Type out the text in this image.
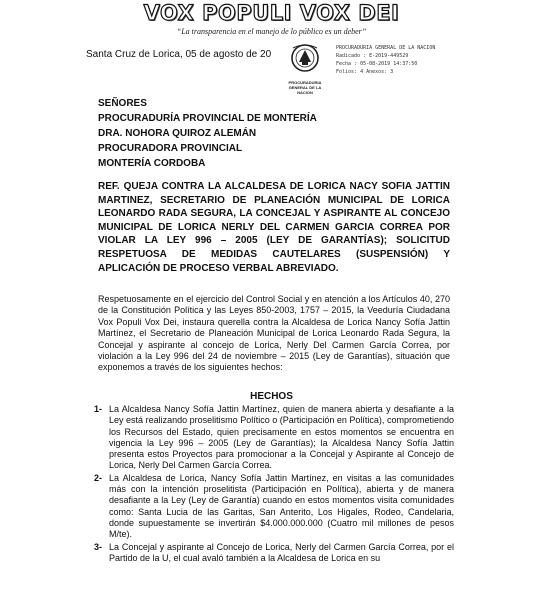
VOX POPULI VOX DEI
“La transparencia en el manejo de lo público es un deber”
Santa Cruz de Lorica, 05 de agosto de 20
PROCURADURIA GENERAL DE LA NACION
PROCURADURIA GENERAL DE LA NACION
Radicado : E-2019-449529
Fecha : 05-08-2019 14:37:50
Folios: 4 Anexos: 3
SEÑORES
PROCURADURÍA PROVINCIAL DE MONTERÍA
DRA. NOHORA QUIROZ ALEMÁN
PROCURADORA PROVINCIAL
MONTERÍA CORDOBA
REF. QUEJA CONTRA LA ALCALDESA DE LORICA NACY SOFIA JATTIN MARTINEZ, SECRETARIO DE PLANEACIÓN MUNICIPAL DE LORICA LEONARDO RADA SEGURA, LA CONCEJAL Y ASPIRANTE AL CONCEJO MUNICIPAL DE LORICA NERLY DEL CARMEN GARCIA CORREA POR VIOLAR LA LEY 996 – 2005 (LEY DE GARANTÍAS); SOLICITUD RESPETUOSA DE MEDIDAS CAUTELARES (SUSPENSIÓN) Y APLICACIÓN DE PROCESO VERBAL ABREVIADO.
Respetuosamente en el ejercicio del Control Social y en atención a los Artículos 40, 270 de la Constitución Política y las Leyes 850-2003, 1757 – 2015, la Veeduría Ciudadana Vox Populi Vox Dei, instaura querella contra la Alcaldesa de Lorica Nancy Sofía Jattin Martínez, el Secretario de Planeación Municipal de Lorica Leonardo Rada Segura, la Concejal y aspirante al concejo de Lorica, Nerly Del Carmen García Correa, por violación a la Ley 996 del 24 de noviembre – 2015 (Ley de Garantías), situación que exponemos a través de los siguientes hechos:
HECHOS
1- La Alcaldesa Nancy Sofía Jattin Martínez, quien de manera abierta y desafiante a la Ley está realizando proselitismo Político o (Participación en Política), comprometiendo los Recursos del Estado, quien precisamente en estos momentos se encuentra en vigencia la Ley 996 – 2005 (Ley de Garantías); la Alcaldesa Nancy Sofía Jattin presenta estos Proyectos para promocionar a la Concejal y Aspirante al Concejo de Lorica, Nerly Del Carmen García Correa.
2- La Alcaldesa de Lorica, Nancy Sofía Jattin Martínez, en visitas a las comunidades más con la intención proselitista (Participación en Política), abierta y de manera desafiante a la Ley (Ley de Garantía) cuando en estos momentos visita comunidades como: Santa Lucia de las Garitas, San Anterito, Los Higales, Rodeo, Candelaria, donde supuestamente se invertirán $4.000.000.000 (Cuatro mil millones de pesos M/te).
3- La Concejal y aspirante al Concejo de Lorica, Nerly del Carmen García Correa, por el Partido de la U, el cual avaló también a la Alcaldesa de Lorica en su
